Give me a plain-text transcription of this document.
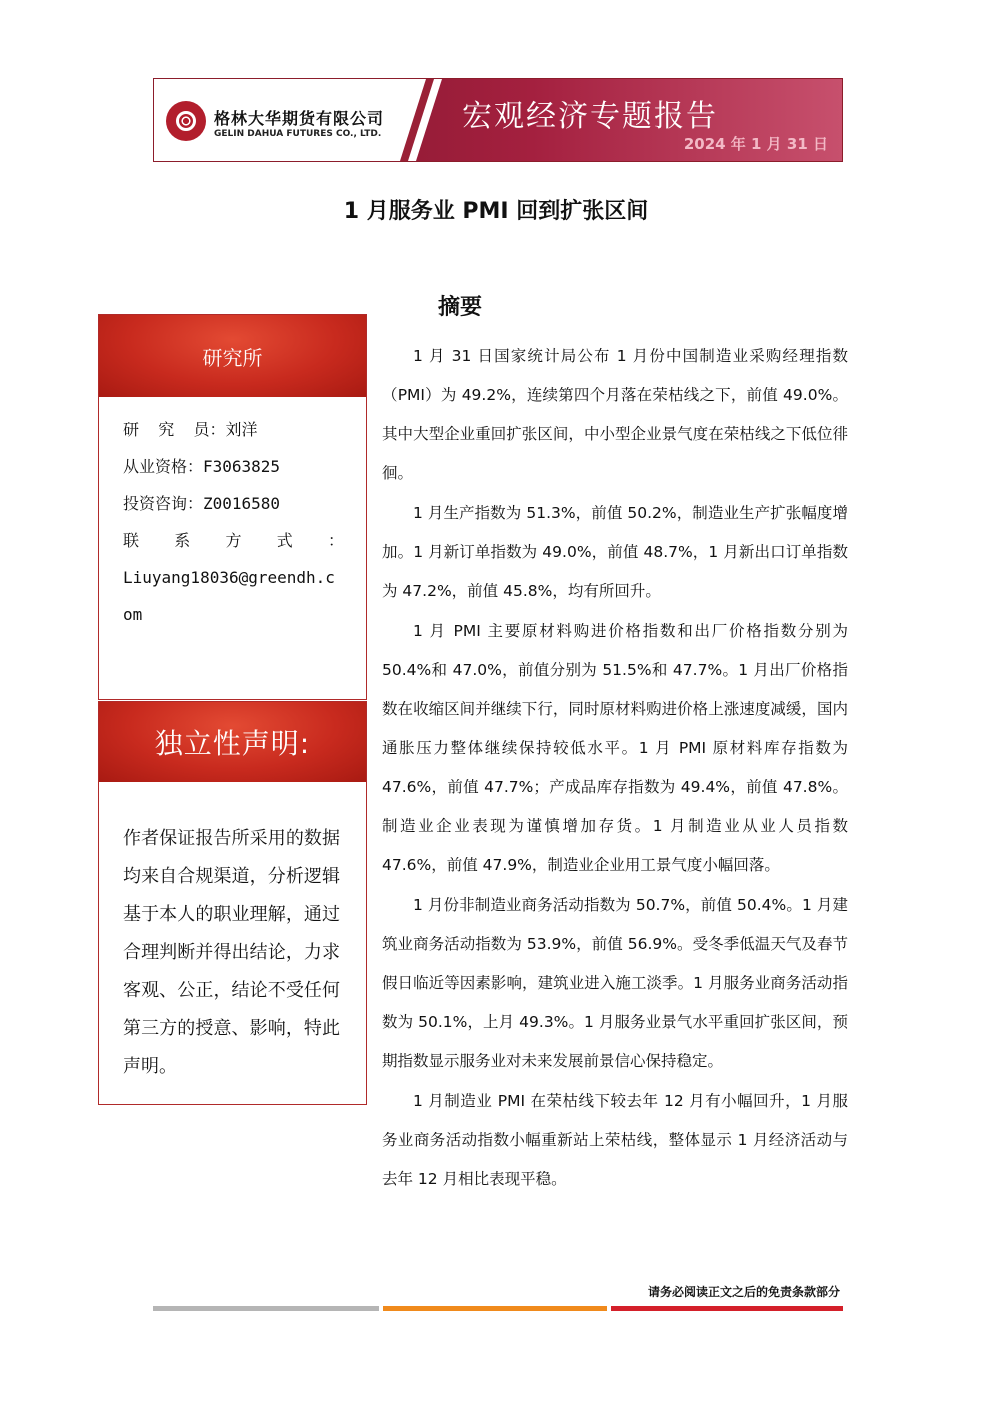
格林大华期货有限公司
GELIN DAHUA FUTURES CO., LTD.	宏观经济专题报告
2024 年 1 月 31 日
1 月服务业 PMI 回到扩张区间
摘要
研究所
研  究  员：刘洋
从业资格：F3063825
投资咨询：Z0016580
联 系 方 式 ：
Liuyang18036@greendh.com
独立性声明:
作者保证报告所采用的数据均来自合规渠道，分析逻辑基于本人的职业理解，通过合理判断并得出结论，力求客观、公正，结论不受任何第三方的授意、影响，特此声明。

1 月 31 日国家统计局公布 1 月份中国制造业采购经理指数（PMI）为 49.2%，连续第四个月落在荣枯线之下，前值 49.0%。其中大型企业重回扩张区间，中小型企业景气度在荣枯线之下低位徘徊。

1 月生产指数为 51.3%，前值 50.2%，制造业生产扩张幅度增加。1 月新订单指数为 49.0%，前值 48.7%，1 月新出口订单指数为 47.2%，前值 45.8%，均有所回升。

1 月 PMI 主要原材料购进价格指数和出厂价格指数分别为 50.4%和 47.0%，前值分别为 51.5%和 47.7%。1 月出厂价格指数在收缩区间并继续下行，同时原材料购进价格上涨速度减缓，国内通胀压力整体继续保持较低水平。1 月 PMI 原材料库存指数为 47.6%，前值 47.7%；产成品库存指数为 49.4%，前值 47.8%。制造业企业表现为谨慎增加存货。1 月制造业从业人员指数 47.6%，前值 47.9%，制造业企业用工景气度小幅回落。

1 月份非制造业商务活动指数为 50.7%，前值 50.4%。1 月建筑业商务活动指数为 53.9%，前值 56.9%。受冬季低温天气及春节假日临近等因素影响，建筑业进入施工淡季。1 月服务业商务活动指数为 50.1%，上月 49.3%。1 月服务业景气水平重回扩张区间，预期指数显示服务业对未来发展前景信心保持稳定。

1 月制造业 PMI 在荣枯线下较去年 12 月有小幅回升，1 月服务业商务活动指数小幅重新站上荣枯线，整体显示 1 月经济活动与去年 12 月相比表现平稳。

请务必阅读正文之后的免责条款部分
